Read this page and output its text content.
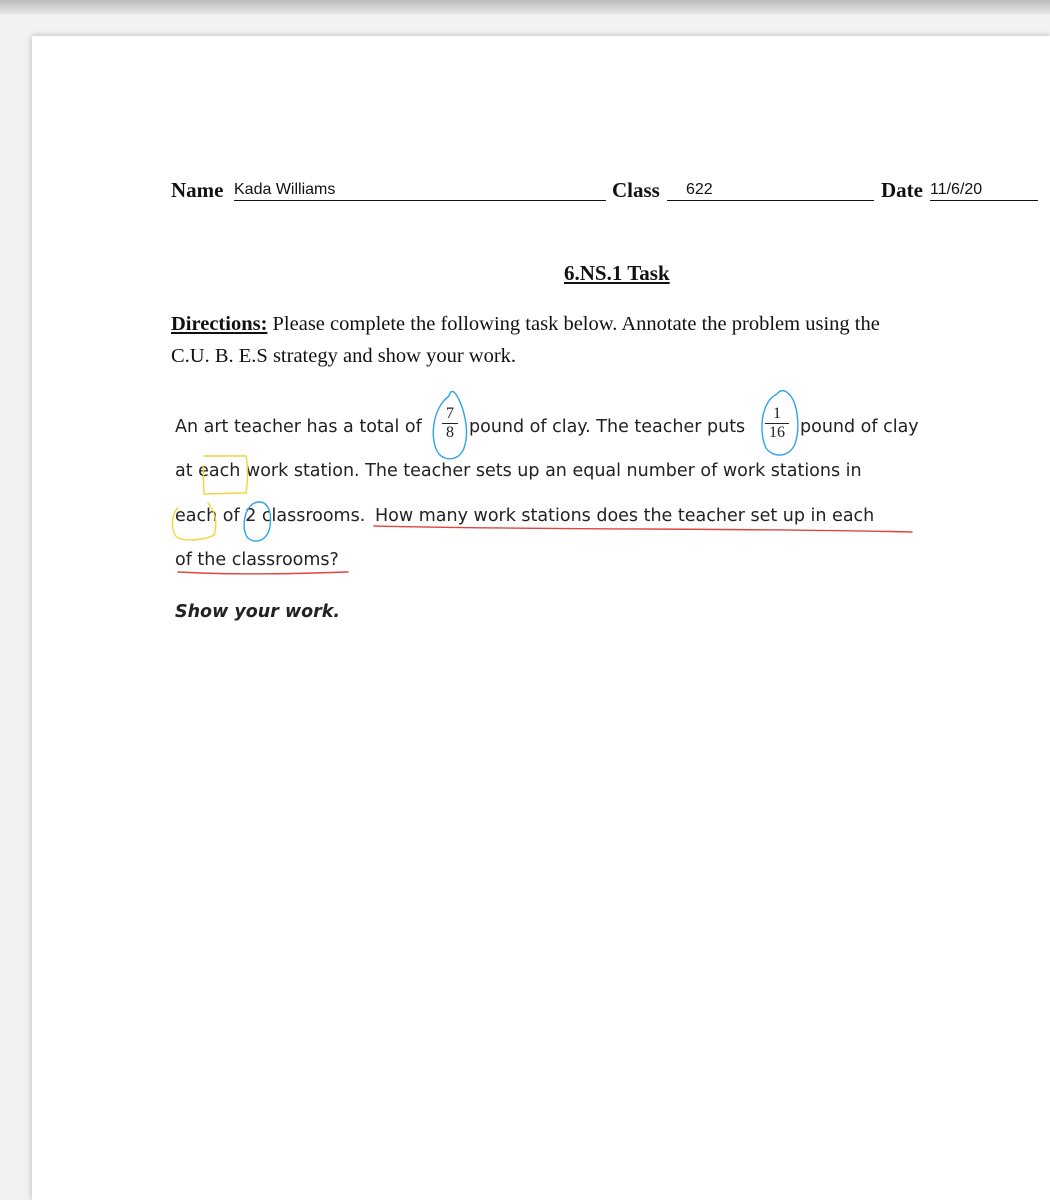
Name Kada Williams	Class	622	Date 11/6/20
6.NS.1 Task
Directions: Please complete the following task below. Annotate the problem using the
C.U. B. E.S strategy and show your work.
An art teacher has a total of
7
8 pound of clay. The teacher puts
1
16 pound of clay
at each work station. The teacher sets up an equal number of work stations in
each of 2 classrooms. How many work stations does the teacher set up in each
of the classrooms?
Show your work.
